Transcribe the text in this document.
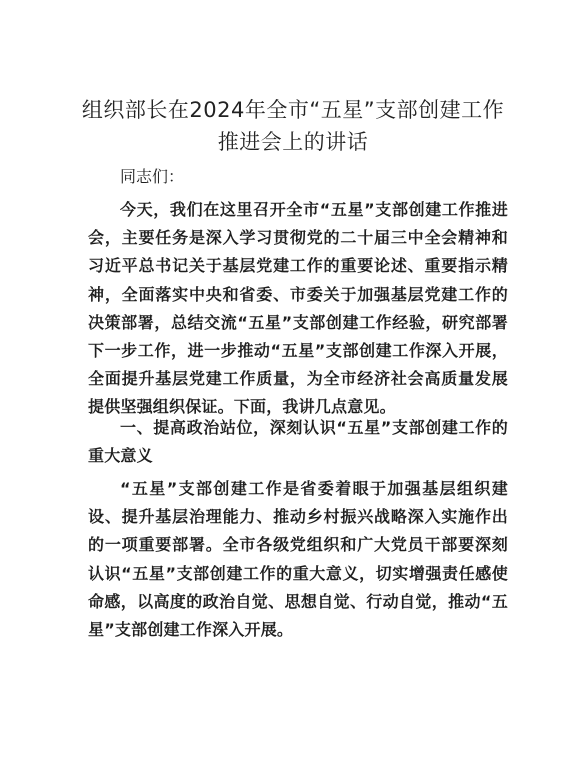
组织部长在2024年全市“五星”支部创建工作
推进会上的讲话
同志们：
今天，我们在这里召开全市“五星”支部创建工作推进会，主要任务是深入学习贯彻党的二十届三中全会精神和习近平总书记关于基层党建工作的重要论述、重要指示精神，全面落实中央和省委、市委关于加强基层党建工作的决策部署，总结交流“五星”支部创建工作经验，研究部署下一步工作，进一步推动“五星”支部创建工作深入开展，全面提升基层党建工作质量，为全市经济社会高质量发展提供坚强组织保证。下面，我讲几点意见。
一、提高政治站位，深刻认识“五星”支部创建工作的重大意义
“五星”支部创建工作是省委着眼于加强基层组织建设、提升基层治理能力、推动乡村振兴战略深入实施作出的一项重要部署。全市各级党组织和广大党员干部要深刻认识“五星”支部创建工作的重大意义，切实增强责任感使命感，以高度的政治自觉、思想自觉、行动自觉，推动“五星”支部创建工作深入开展。
